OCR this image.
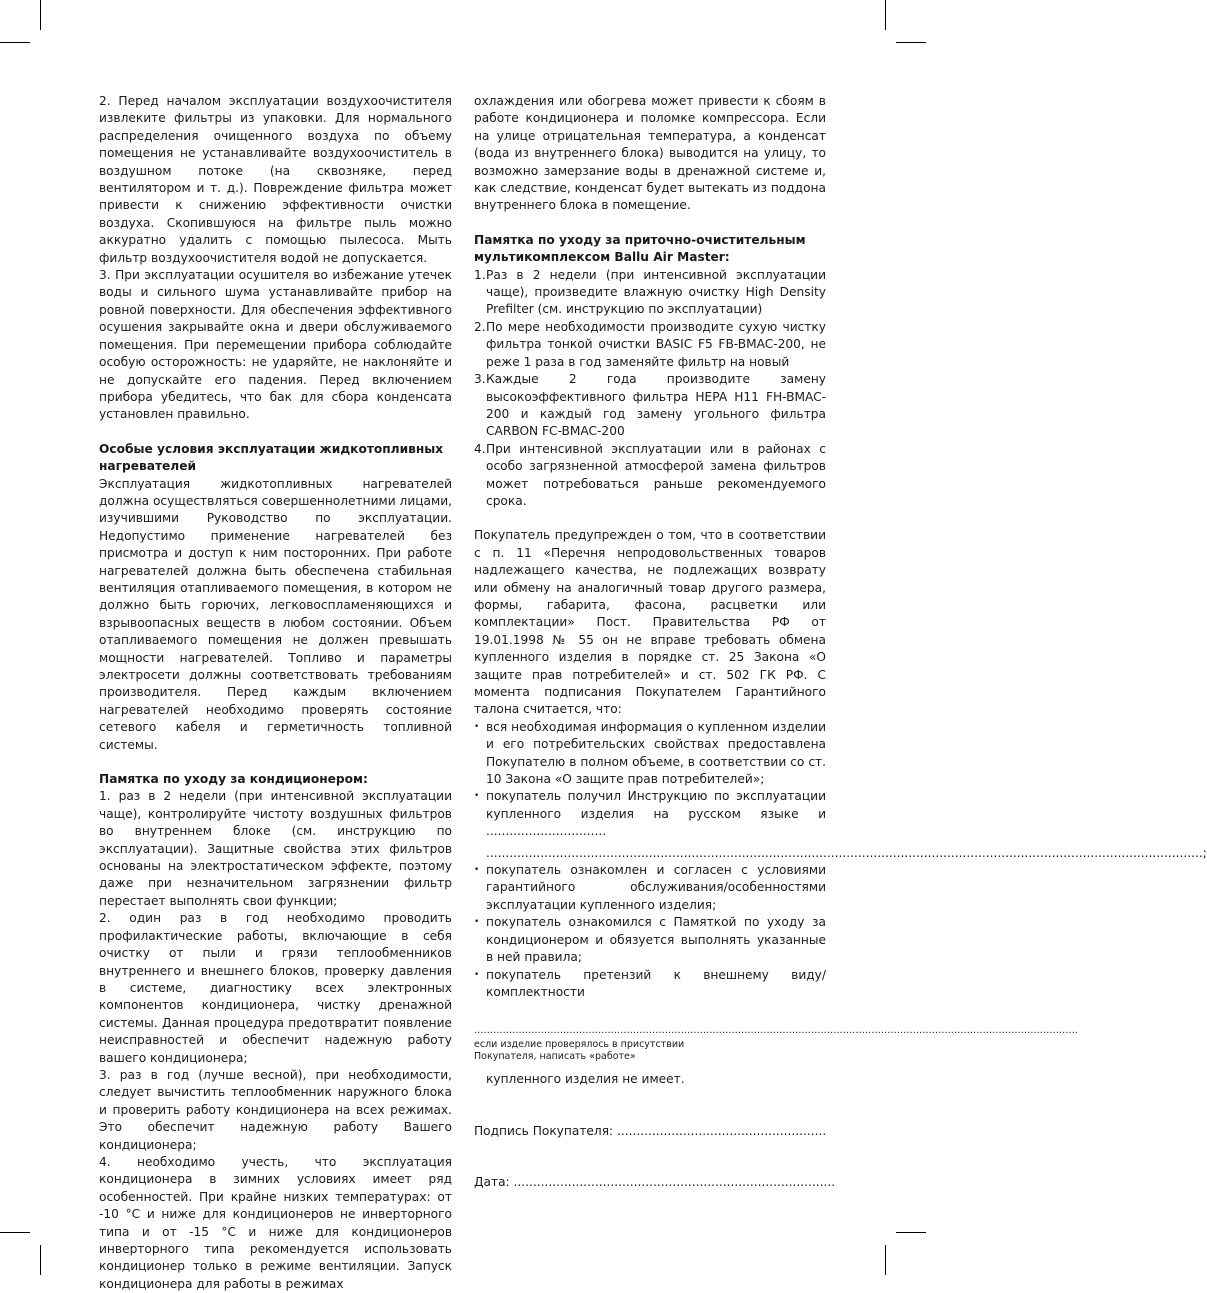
2. Перед началом эксплуатации воздухоочистителя извлеките фильтры из упаковки. Для нормального распределения очищенного воздуха по объему помещения не устанавливайте воздухоочиститель в воздушном потоке (на сквозняке, перед вентилятором и т. д.). Повреждение фильтра может привести к снижению эффективности очистки воздуха. Скопившуюся на фильтре пыль можно аккуратно удалить с помощью пылесоса. Мыть фильтр воздухоочистителя водой не допускается.

3. При эксплуатации осушителя во избежание утечек воды и сильного шума устанавливайте прибор на ровной поверхности. Для обеспечения эффективного осушения закрывайте окна и двери обслуживаемого помещения. При перемещении прибора соблюдайте особую осторожность: не ударяйте, не наклоняйте и не допускайте его падения. Перед включением прибора убедитесь, что бак для сбора конденсата установлен правильно.

Особые условия эксплуатации жидкотопливных нагревателей

Эксплуатация жидкотопливных нагревателей должна осуществляться совершеннолетними лицами, изучившими Руководство по эксплуатации. Недопустимо применение нагревателей без присмотра и доступ к ним посторонних. При работе нагревателей должна быть обеспечена стабильная вентиляция отапливаемого помещения, в котором не должно быть горючих, легковоспламеняющихся и взрывоопасных веществ в любом состоянии. Объем отапливаемого помещения не должен превышать мощности нагревателей. Топливо и параметры электросети должны соответствовать требованиям производителя. Перед каждым включением нагревателей необходимо проверять состояние сетевого кабеля и герметичность топливной системы.

Памятка по уходу за кондиционером:

1. раз в 2 недели (при интенсивной эксплуатации чаще), контролируйте чистоту воздушных фильтров во внутреннем блоке (см. инструкцию по эксплуатации). Защитные свойства этих фильтров основаны на электростатическом эффекте, поэтому даже при незначительном загрязнении фильтр перестает выполнять свои функции;

2. один раз в год необходимо проводить профилактические работы, включающие в себя очистку от пыли и грязи теплообменников внутреннего и внешнего блоков, проверку давления в системе, диагностику всех электронных компонентов кондиционера, чистку дренажной системы. Данная процедура предотвратит появление неисправностей и обеспечит надежную работу вашего кондиционера;

3. раз в год (лучше весной), при необходимости, следует вычистить теплообменник наружного блока и проверить работу кондиционера на всех режимах. Это обеспечит надежную работу Вашего кондиционера;

4. необходимо учесть, что эксплуатация кондиционера в зимних условиях имеет ряд особенностей. При крайне низких температурах: от -10 °С и ниже для кондиционеров не инверторного типа и от -15 °С и ниже для кондиционеров инверторного типа рекомендуется использовать кондиционер только в режиме вентиляции. Запуск кондиционера для работы в режимах

охлаждения или обогрева может привести к сбоям в работе кондиционера и поломке компрессора. Если на улице отрицательная температура, а конденсат (вода из внутреннего блока) выводится на улицу, то возможно замерзание воды в дренажной системе и, как следствие, конденсат будет вытекать из поддона внутреннего блока в помещение.

Памятка по уходу за приточно-очистительным мультикомплексом Ballu Air Master:
1. Раз в 2 недели (при интенсивной эксплуатации чаще), произведите влажную очистку High Density Prefilter (см. инструкцию по эксплуатации)
2. По мере необходимости производите сухую чистку фильтра тонкой очистки BASIC F5 FB-BMAC-200, не реже 1 раза в год заменяйте фильтр на новый
3. Каждые 2 года производите замену высокоэффективного фильтра HEPA H11 FH-BMAC-200 и каждый год замену угольного фильтра CARBON FC-BMAC-200
4. При интенсивной эксплуатации или в районах с особо загрязненной атмосферой замена фильтров может потребоваться раньше рекомендуемого срока.

Покупатель предупрежден о том, что в соответствии с п. 11 «Перечня непродовольственных товаров надлежащего качества, не подлежащих возврату или обмену на аналогичный товар другого размера, формы, габарита, фасона, расцветки или комплектации» Пост. Правительства РФ от 19.01.1998 № 55 он не вправе требовать обмена купленного изделия в порядке ст. 25 Закона «О защите прав потребителей» и ст. 502 ГК РФ. С момента подписания Покупателем Гарантийного талона считается, что:

• вся необходимая информация о купленном изделии и его потребительских свойствах предоставлена Покупателю в полном объеме, в соответствии со ст. 10 Закона «О защите прав потребителей»;
• покупатель получил Инструкцию по эксплуатации купленного изделия на русском языке и ...............................
.........................................................................................................................................................................................;
• покупатель ознакомлен и согласен с условиями гарантийного обслуживания/особенностями эксплуатации купленного изделия;
• покупатель ознакомился с Памяткой по уходу за кондиционером и обязуется выполнять указанные в ней правила;
• покупатель претензий к внешнему виду/комплектности
..............................................................................................................................................................................................

если изделие проверялось в присутствии

Покупателя, написать «работе»

купленного изделия не имеет.

Подпись Покупателя: ......................................................

Дата: ...................................................................................
